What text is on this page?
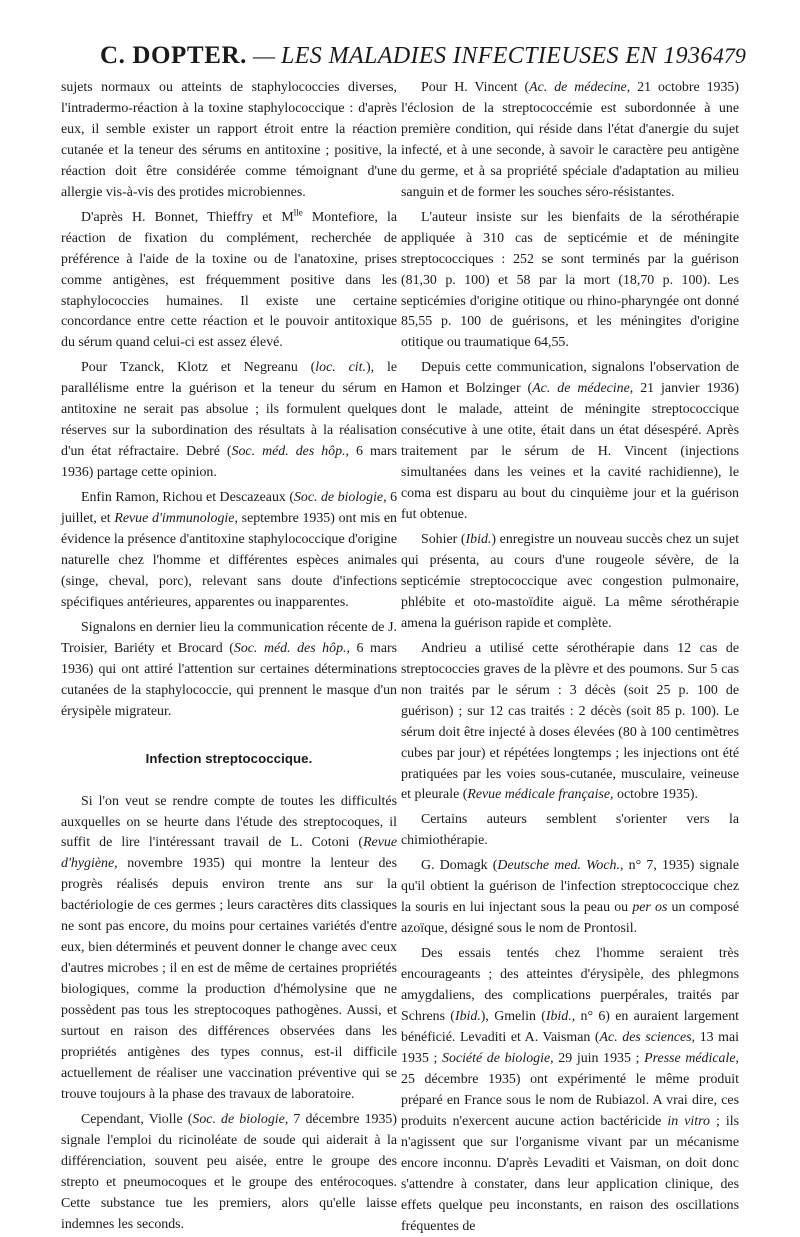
C. DOPTER. — LES MALADIES INFECTIEUSES EN 1936 479

sujets normaux ou atteints de staphylococcies diverses, l'intradermo-réaction à la toxine staphylococcique : d'après eux, il semble exister un rapport étroit entre la réaction cutanée et la teneur des sérums en antitoxine ; positive, la réaction doit être considérée comme témoignant d'une allergie vis-à-vis des protides microbiennes.

D'après H. Bonnet, Thieffry et $M^{lle}$ Montefiore, la réaction de fixation du complément, recherchée de préférence à l'aide de la toxine ou de l'anatoxine, prises comme antigènes, est fréquemment positive dans les staphylococcies humaines. Il existe une certaine concordance entre cette réaction et le pouvoir antitoxique du sérum quand celui-ci est assez élevé.

Pour Tzanck, Klotz et Negreanu (loc. cit.), le parallélisme entre la guérison et la teneur du sérum en antitoxine ne serait pas absolue ; ils formulent quelques réserves sur la subordination des résultats à la réalisation d'un état réfractaire. Debré (Soc. méd. des hôp., 6 mars 1936) partage cette opinion.

Enfin Ramon, Richou et Descazeaux (Soc. de biologie, 6 juillet, et Revue d'immunologie, septembre 1935) ont mis en évidence la présence d'antitoxine staphylococcique d'origine naturelle chez l'homme et différentes espèces animales (singe, cheval, porc), relevant sans doute d'infections spécifiques antérieures, apparentes ou inapparentes.

Signalons en dernier lieu la communication récente de J. Troisier, Bariéty et Brocard (Soc. méd. des hôp., 6 mars 1936) qui ont attiré l'attention sur certaines déterminations cutanées de la staphylococcie, qui prennent le masque d'un érysipèle migrateur.

Infection streptococcique.

Si l'on veut se rendre compte de toutes les difficultés auxquelles on se heurte dans l'étude des streptocoques, il suffit de lire l'intéressant travail de L. Cotoni (Revue d'hygiène, novembre 1935) qui montre la lenteur des progrès réalisés depuis environ trente ans sur la bactériologie de ces germes ; leurs caractères dits classiques ne sont pas encore, du moins pour certaines variétés d'entre eux, bien déterminés et peuvent donner le change avec ceux d'autres microbes ; il en est de même de certaines propriétés biologiques, comme la production d'hémolysine que ne possèdent pas tous les streptocoques pathogènes. Aussi, et surtout en raison des différences observées dans les propriétés antigènes des types connus, est-il difficile actuellement de réaliser une vaccination préventive qui se trouve toujours à la phase des travaux de laboratoire.

Cependant, Violle (Soc. de biologie, 7 décembre 1935) signale l'emploi du ricinoléate de soude qui aiderait à la différenciation, souvent peu aisée, entre le groupe des strepto et pneumocoques et le groupe des entérocoques. Cette substance tue les premiers, alors qu'elle laisse indemnes les seconds.

Pour H. Vincent (Ac. de médecine, 21 octobre 1935) l'éclosion de la streptococcémie est subordonnée à une première condition, qui réside dans l'état d'anergie du sujet infecté, et à une seconde, à savoir le caractère peu antigène du germe, et à sa propriété spéciale d'adaptation au milieu sanguin et de former les souches séro-résistantes.

L'auteur insiste sur les bienfaits de la sérothérapie appliquée à 310 cas de septicémie et de méningite streptococciques : 252 se sont terminés par la guérison (81,30 p. 100) et 58 par la mort (18,70 p. 100). Les septicémies d'origine otitique ou rhino-pharyngée ont donné 85,55 p. 100 de guérisons, et les méningites d'origine otitique ou traumatique 64,55.

Depuis cette communication, signalons l'observation de Hamon et Bolzinger (Ac. de médecine, 21 janvier 1936) dont le malade, atteint de méningite streptococcique consécutive à une otite, était dans un état désespéré. Après traitement par le sérum de H. Vincent (injections simultanées dans les veines et la cavité rachidienne), le coma est disparu au bout du cinquième jour et la guérison fut obtenue.

Sohier (Ibid.) enregistre un nouveau succès chez un sujet qui présenta, au cours d'une rougeole sévère, de la septicémie streptococcique avec congestion pulmonaire, phlébite et oto-mastoïdite aiguë. La même sérothérapie amena la guérison rapide et complète.

Andrieu a utilisé cette sérothérapie dans 12 cas de streptococcies graves de la plèvre et des poumons. Sur 5 cas non traités par le sérum : 3 décès (soit 25 p. 100 de guérison) ; sur 12 cas traités : 2 décès (soit 85 p. 100). Le sérum doit être injecté à doses élevées (80 à 100 centimètres cubes par jour) et répétées longtemps ; les injections ont été pratiquées par les voies sous-cutanée, musculaire, veineuse et pleurale (Revue médicale française, octobre 1935).

Certains auteurs semblent s'orienter vers la chimiothérapie.

G. Domagk (Deutsche med. Woch., n° 7, 1935) signale qu'il obtient la guérison de l'infection streptococcique chez la souris en lui injectant sous la peau ou per os un composé azoïque, désigné sous le nom de Prontosil.

Des essais tentés chez l'homme seraient très encourageants ; des atteintes d'érysipèle, des phlegmons amygdaliens, des complications puerpérales, traités par Schrens (Ibid.), Gmelin (Ibid., n° 6) en auraient largement bénéficié. Levaditi et A. Vaisman (Ac. des sciences, 13 mai 1935 ; Société de biologie, 29 juin 1935 ; Presse médicale, 25 décembre 1935) ont expérimenté le même produit préparé en France sous le nom de Rubiazol. A vrai dire, ces produits n'exercent aucune action bactéricide in vitro ; ils n'agissent que sur l'organisme vivant par un mécanisme encore inconnu. D'après Levaditi et Vaisman, on doit donc s'attendre à constater, dans leur application clinique, des effets quelque peu inconstants, en raison des oscillations fréquentes de
